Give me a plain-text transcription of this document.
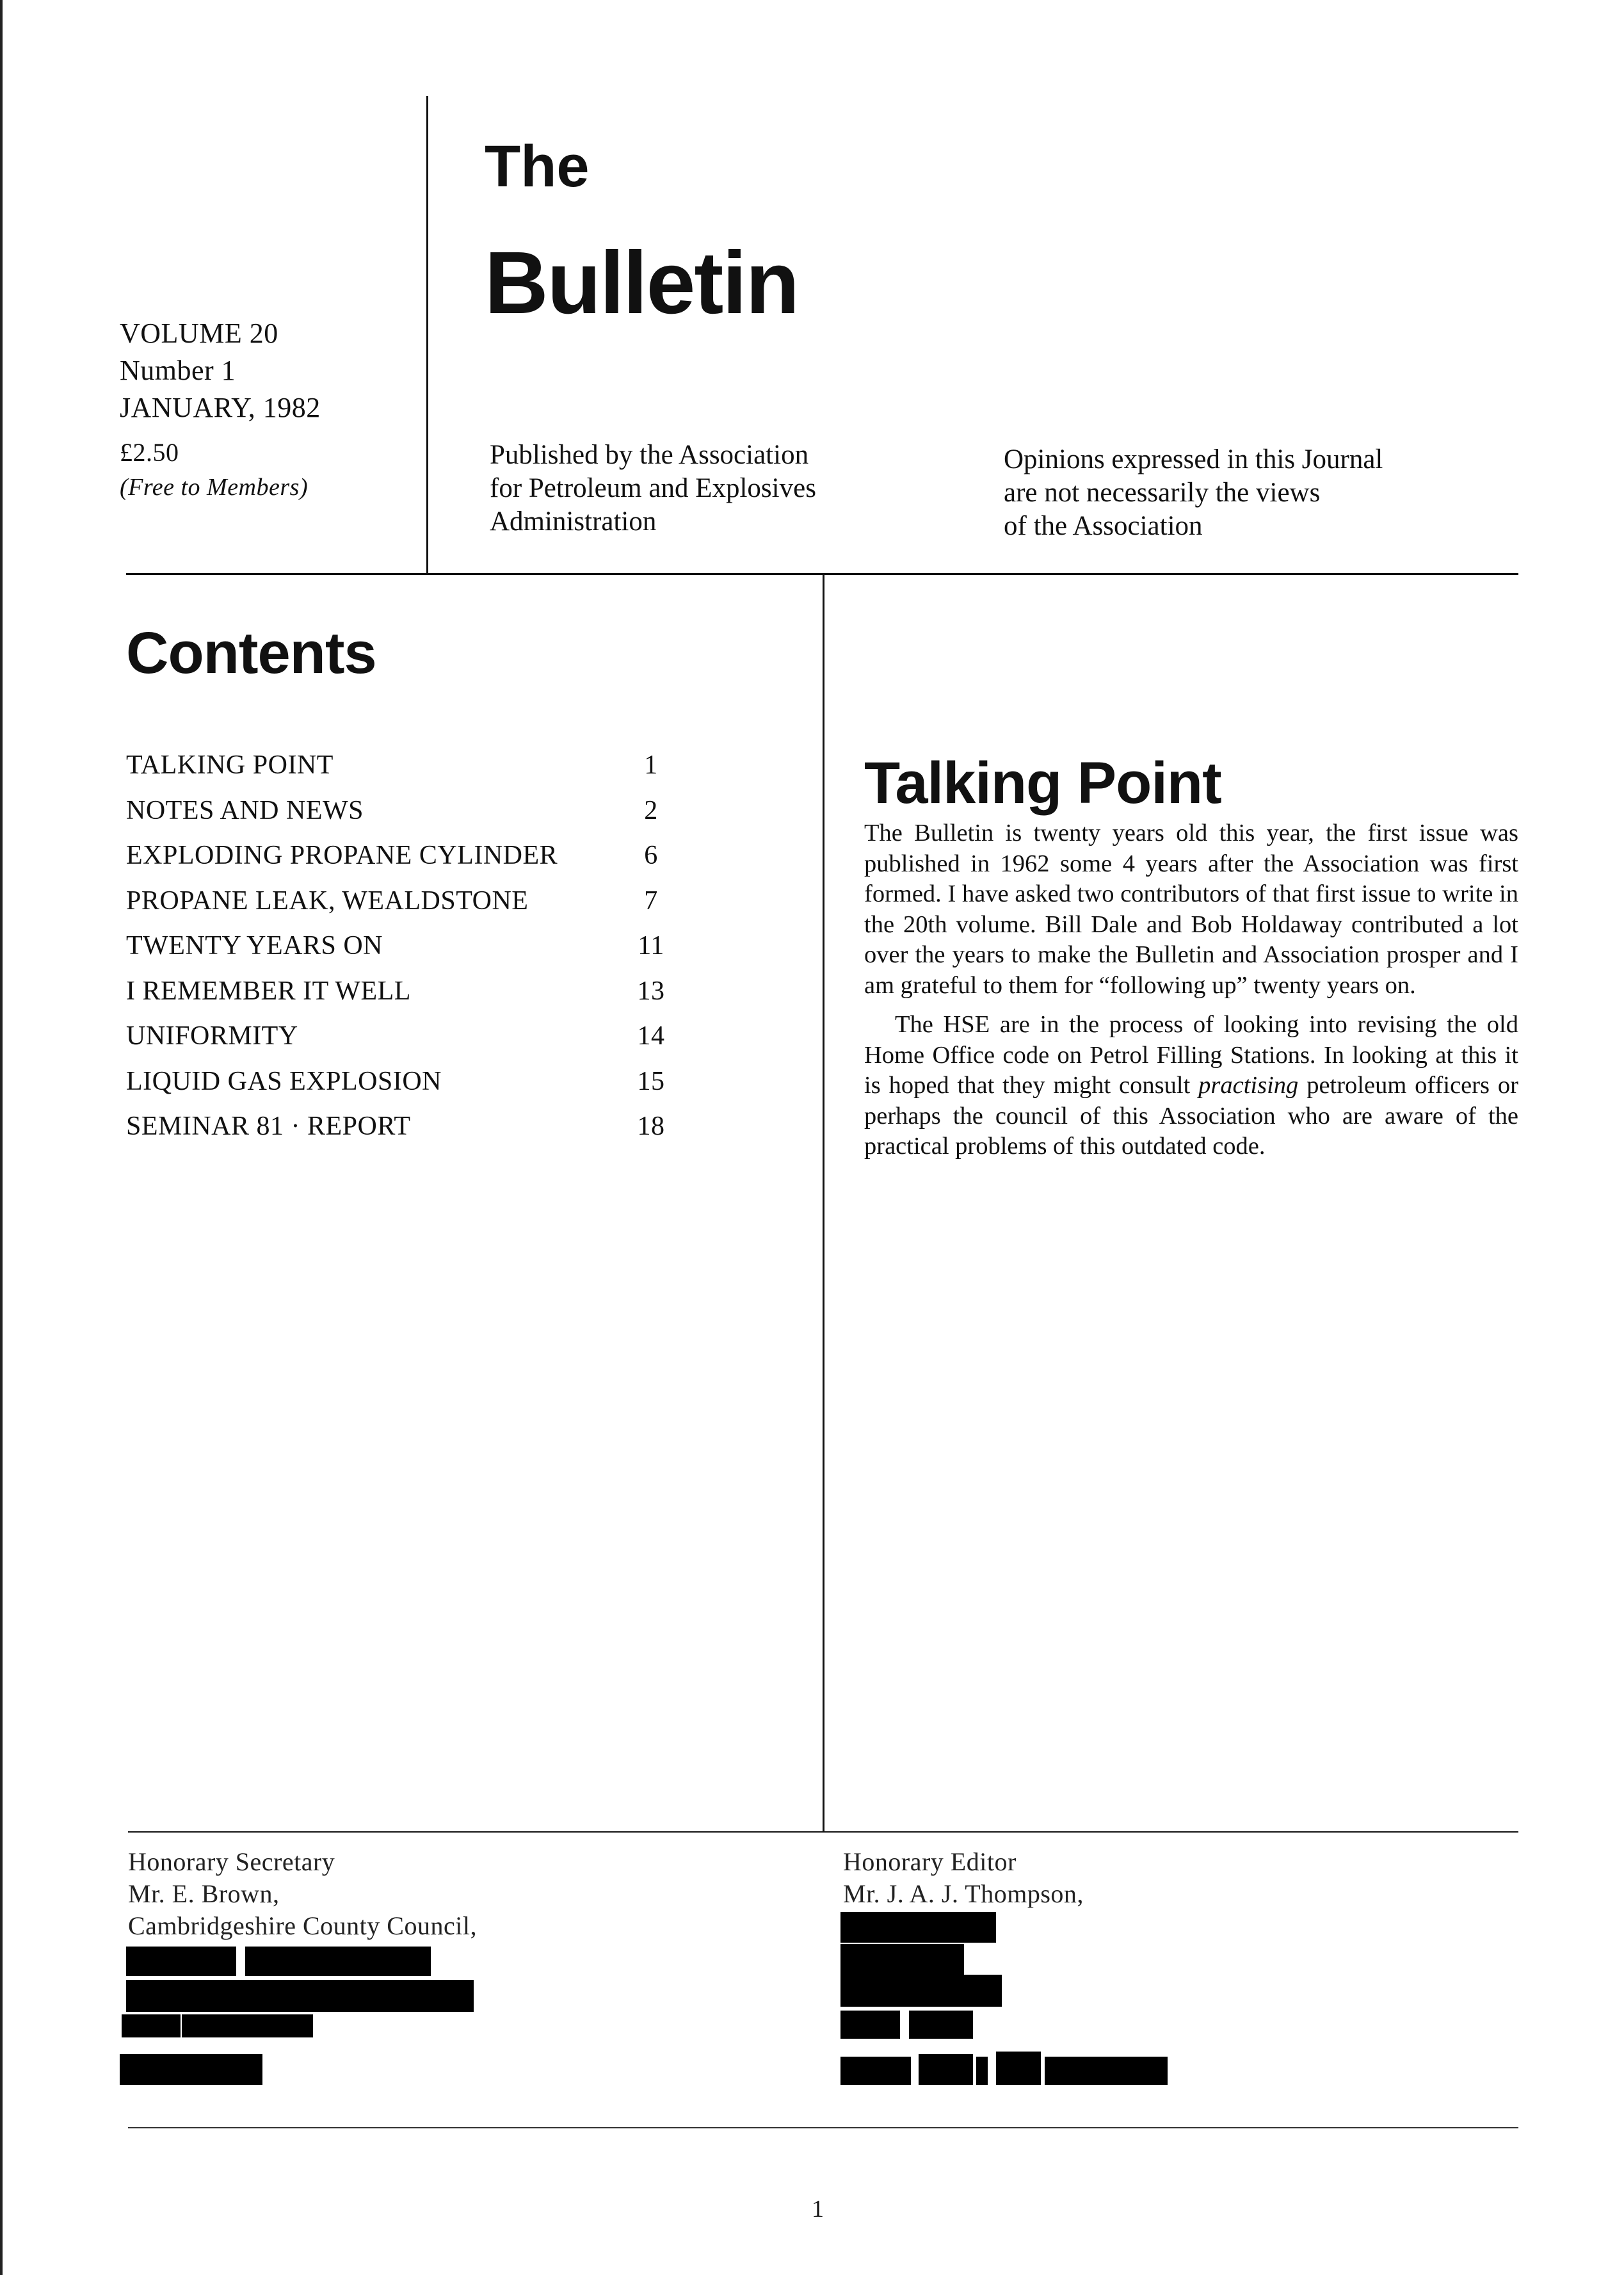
VOLUME 20
Number 1
JANUARY, 1982
£2.50
(Free to Members)
The
Bulletin
Published by the Association
for Petroleum and Explosives
Administration
Opinions expressed in this Journal
are not necessarily the views
of the Association
Contents
TALKING POINT	1
NOTES AND NEWS	2
EXPLODING PROPANE CYLINDER	6
PROPANE LEAK, WEALDSTONE	7
TWENTY YEARS ON	11
I REMEMBER IT WELL	13
UNIFORMITY	14
LIQUID GAS EXPLOSION	15
SEMINAR 81 · REPORT	18
Talking Point

The Bulletin is twenty years old this year, the first issue was published in 1962 some 4 years after the Association was first formed. I have asked two contributors of that first issue to write in the 20th volume. Bill Dale and Bob Holdaway contributed a lot over the years to make the Bulletin and Association prosper and I am grateful to them for “following up” twenty years on.

The HSE are in the process of looking into revising the old Home Office code on Petrol Filling Stations. In looking at this it is hoped that they might consult practising petroleum officers or perhaps the council of this Association who are aware of the practical problems of this outdated code.

Honorary Secretary
Mr. E. Brown,
Cambridgeshire County Council,
Honorary Editor
Mr. J. A. J. Thompson,
1
